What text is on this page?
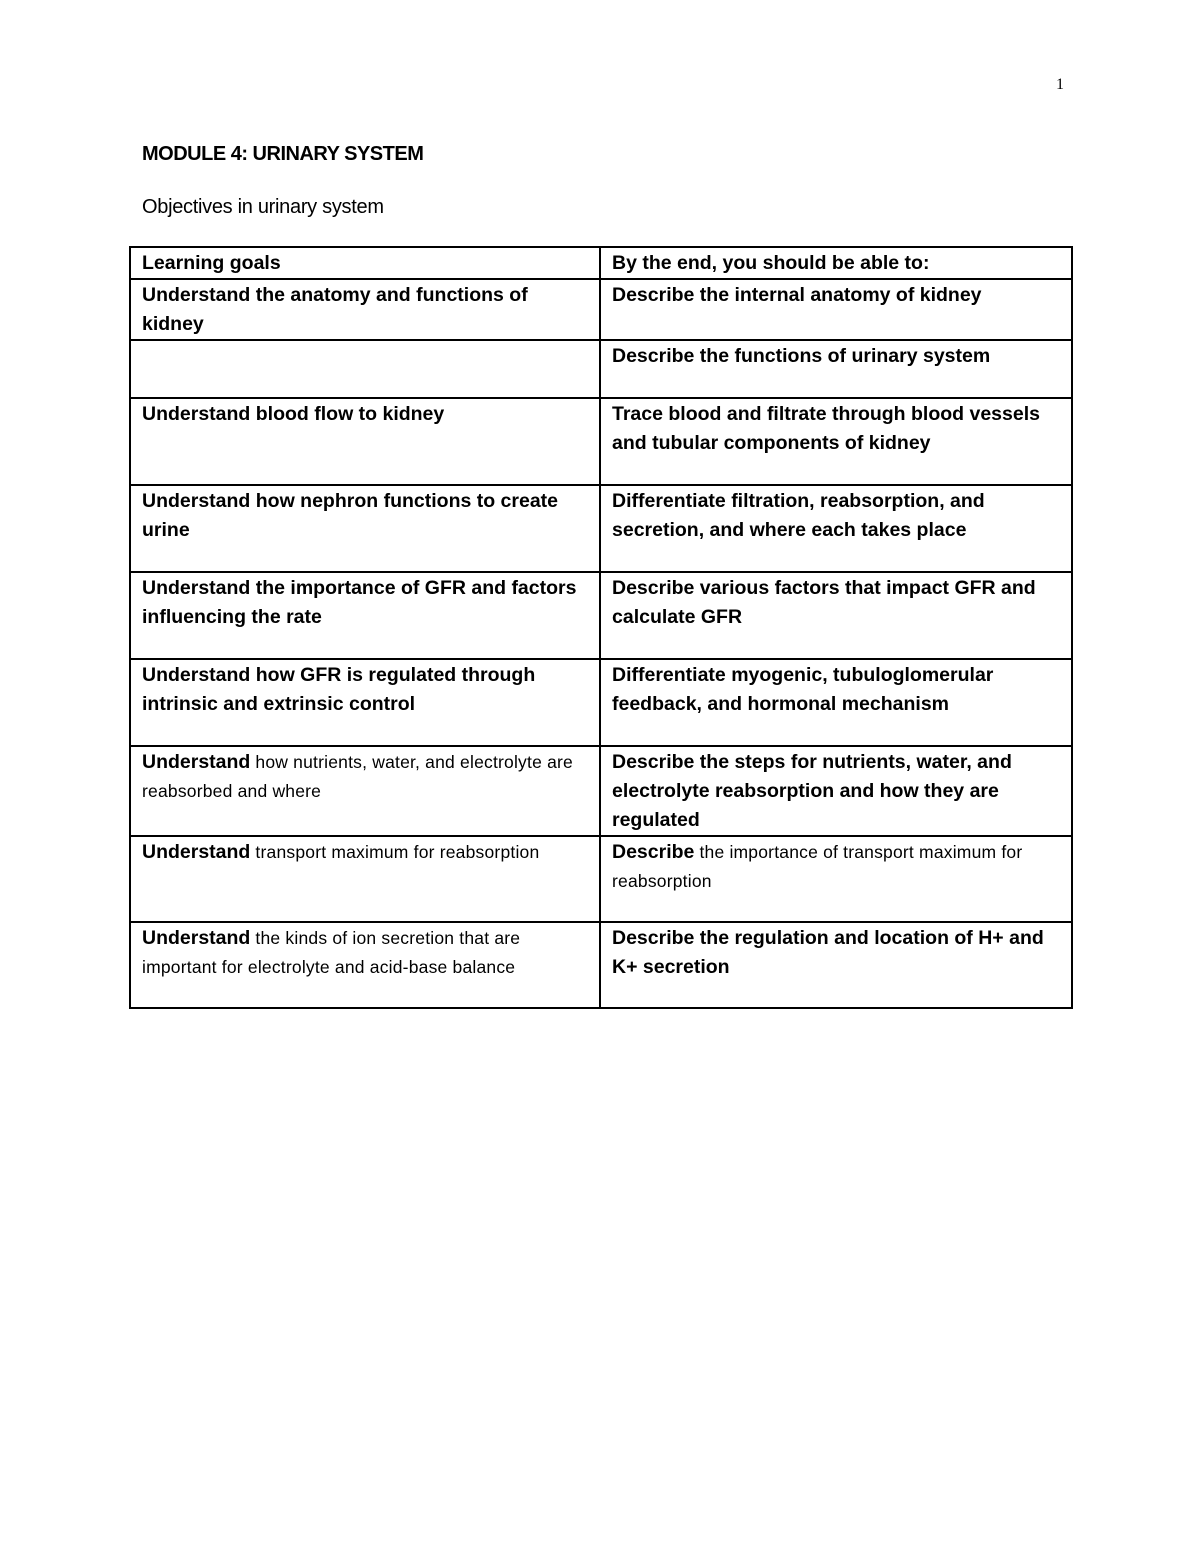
1
MODULE 4: URINARY SYSTEM
Objectives in urinary system
Learning goals	By the end, you should be able to:
Understand the anatomy and functions of kidney	Describe the internal anatomy of kidney
	Describe the functions of urinary system
Understand blood flow to kidney	Trace blood and filtrate through blood vessels and tubular components of kidney
Understand how nephron functions to create urine	Differentiate filtration, reabsorption, and secretion, and where each takes place
Understand the importance of GFR and factors influencing the rate	Describe various factors that impact GFR and calculate GFR
Understand how GFR is regulated through intrinsic and extrinsic control	Differentiate myogenic, tubuloglomerular feedback, and hormonal mechanism
Understand how nutrients, water, and electrolyte are reabsorbed and where	Describe the steps for nutrients, water, and electrolyte reabsorption and how they are regulated
Understand transport maximum for reabsorption	Describe the importance of transport maximum for reabsorption
Understand the kinds of ion secretion that are important for electrolyte and acid-base balance	Describe the regulation and location of H+ and K+ secretion
